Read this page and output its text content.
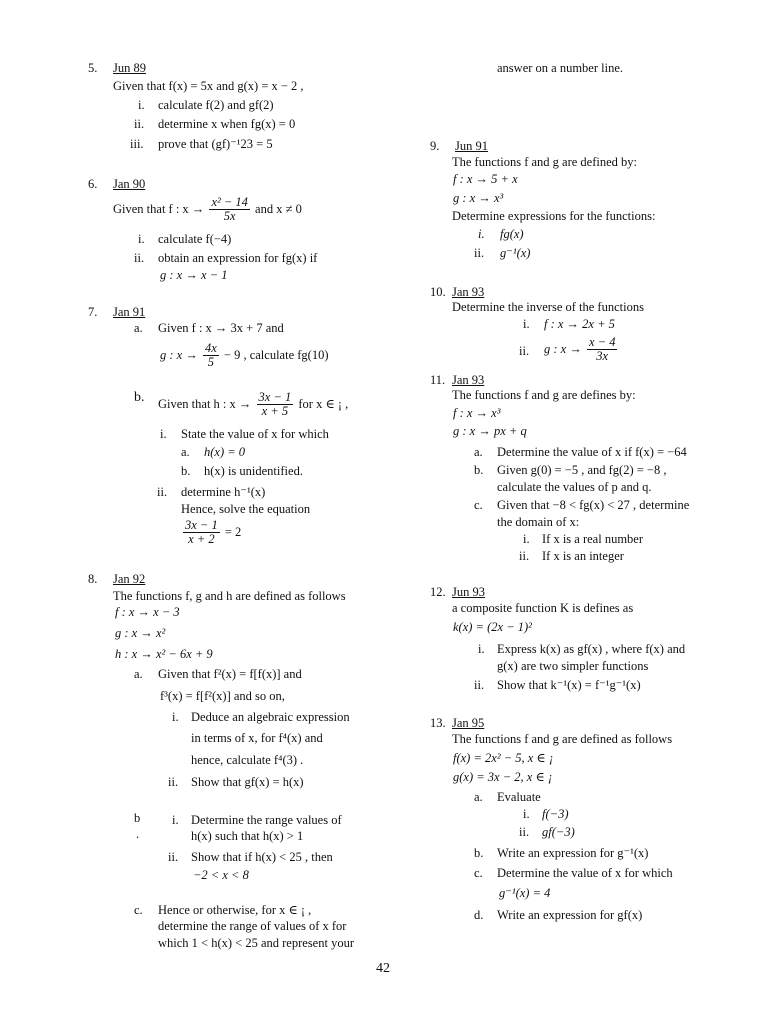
5. Jun 89
Given that f(x) = 5x and g(x) = x − 2 ,
i. calculate f(2) and gf(2)
ii. determine x when fg(x) = 0
iii. prove that (gf)⁻¹23 = 5
6. Jan 90
Given that f : $x \to \frac{\text{x² − 14}}{5x}$ and x ≠ 0
i. calculate f(−4)
ii. obtain an expression for fg(x) if
g : x → x − 1
7. Jan 91
a. Given f : x → 3x + 7 and
g : $x \to \frac{4x}{5} - 9$ , calculate fg(10)
b. Given that h : $x \to \frac{3x - 1}{x + 5}$ for x ∈ ¡ ,
i. State the value of x for which
a. h(x) = 0
b. h(x) is unidentified.
ii. determine h⁻¹(x)
Hence, solve the equation
$\frac{3x - 1}{x + 2} = 2$
8. Jan 92
The functions f, g and h are defined as follows
f : x → x − 3
g : x → x²
h : x → x² − 6x + 9
a. Given that f²(x) = f[f(x)] and
f³(x) = f[f²(x)] and so on,
i. Deduce an algebraic expression
in terms of x, for f⁴(x) and
hence, calculate f⁴(3) .
ii. Show that gf(x) = h(x)
b
.
i. Determine the range values of
h(x) such that h(x) > 1
ii. Show that if h(x) < 25 , then
−2 < x < 8
c. Hence or otherwise, for x ∈ ¡ ,
determine the range of values of x for
which 1 < h(x) < 25 and represent your
answer on a number line.
9. Jun 91
The functions f and g are defined by:
f : x → 5 + x
g : x → x³
Determine expressions for the functions:
i. fg(x)
ii. g⁻¹(x)
10. Jan 93
Determine the inverse of the functions
i. f : x → 2x + 5
ii. g : $x \to \frac{x - 4}{3x}$
11. Jan 93
The functions f and g are defines by:
f : x → x³
g : x → px + q
a. Determine the value of x if f(x) = −64
b. Given g(0) = −5 , and fg(2) = −8 ,
calculate the values of p and q.
c. Given that −8 < fg(x) < 27 , determine
the domain of x:
i. If x is a real number
ii. If x is an integer
12. Jun 93
a composite function K is defines as
k(x) = (2x − 1)²
i. Express k(x) as gf(x) , where f(x) and
g(x) are two simpler functions
ii. Show that k⁻¹(x) = f⁻¹g⁻¹(x)
13. Jan 95
The functions f and g are defined as follows
f(x) = 2x² − 5, x ∈ ¡
g(x) = 3x − 2, x ∈ ¡
a. Evaluate
i. f(−3)
ii. gf(−3)
b. Write an expression for g⁻¹(x)
c. Determine the value of x for which
g⁻¹(x) = 4
d. Write an expression for gf(x)
42
